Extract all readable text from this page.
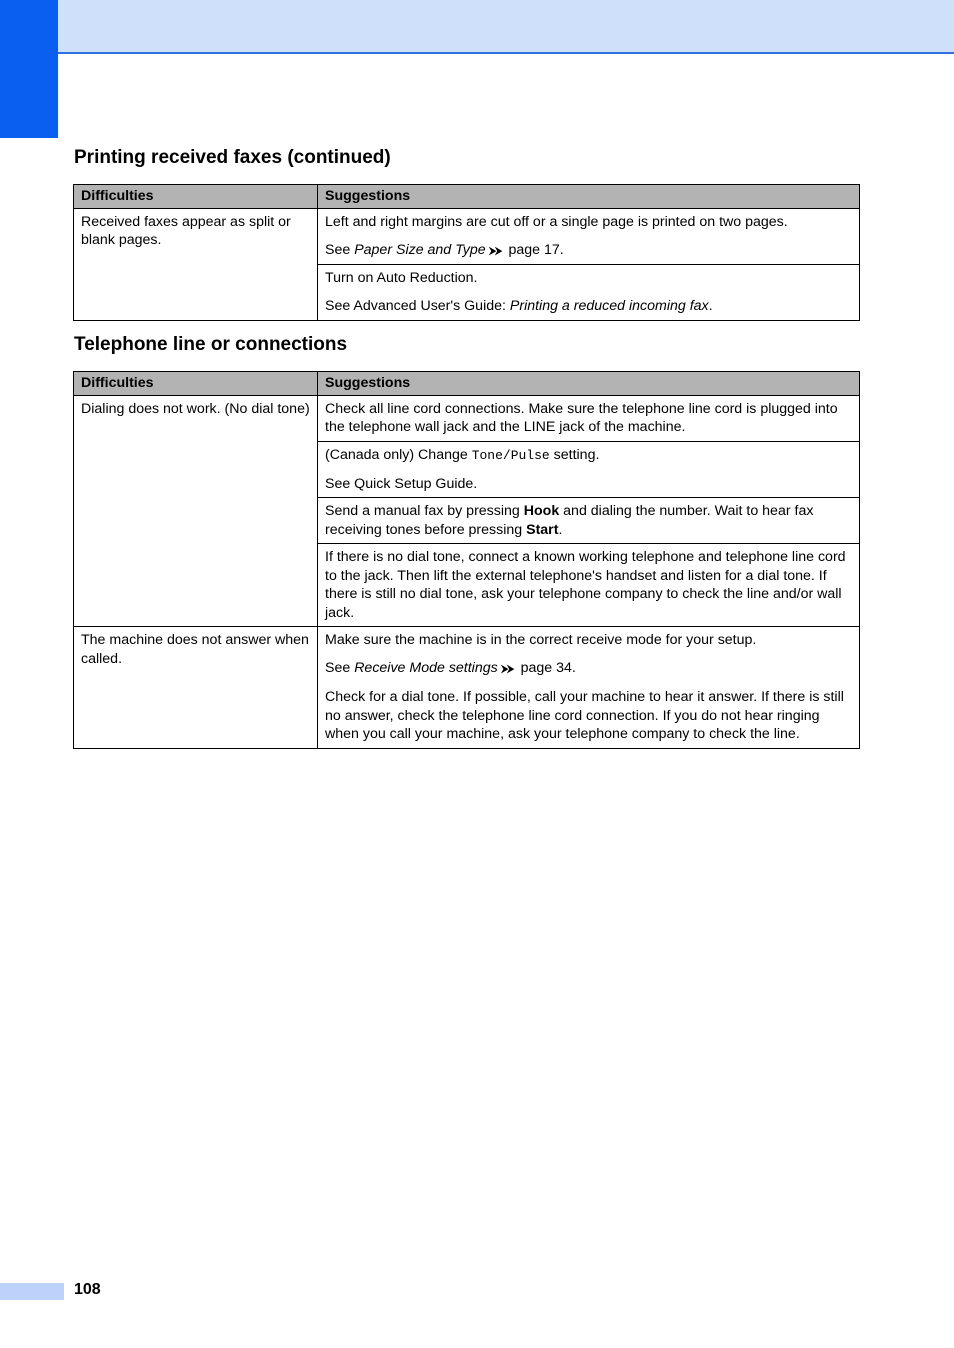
Printing received faxes (continued)
Difficulties	Suggestions
Received faxes appear as split or blank pages.	Left and right margins are cut off or a single page is printed on two pages.

See Paper Size and Type ⮞⮞ page 17.

	Turn on Auto Reduction.

See Advanced User's Guide: Printing a reduced incoming fax.

Telephone line or connections
Difficulties	Suggestions
Dialing does not work. (No dial tone)	Check all line cord connections. Make sure the telephone line cord is plugged into the telephone wall jack and the LINE jack of the machine.

	(Canada only) Change Tone/Pulse setting.

See Quick Setup Guide.

	Send a manual fax by pressing Hook and dialing the number. Wait to hear fax receiving tones before pressing Start.
	If there is no dial tone, connect a known working telephone and telephone line cord to the jack. Then lift the external telephone's handset and listen for a dial tone. If there is still no dial tone, ask your telephone company to check the line and/or wall jack.
The machine does not answer when called.	Make sure the machine is in the correct receive mode for your setup.

See Receive Mode settings ⮞⮞ page 34.

Check for a dial tone. If possible, call your machine to hear it answer. If there is still no answer, check the telephone line cord connection. If you do not hear ringing when you call your machine, ask your telephone company to check the line.

108
